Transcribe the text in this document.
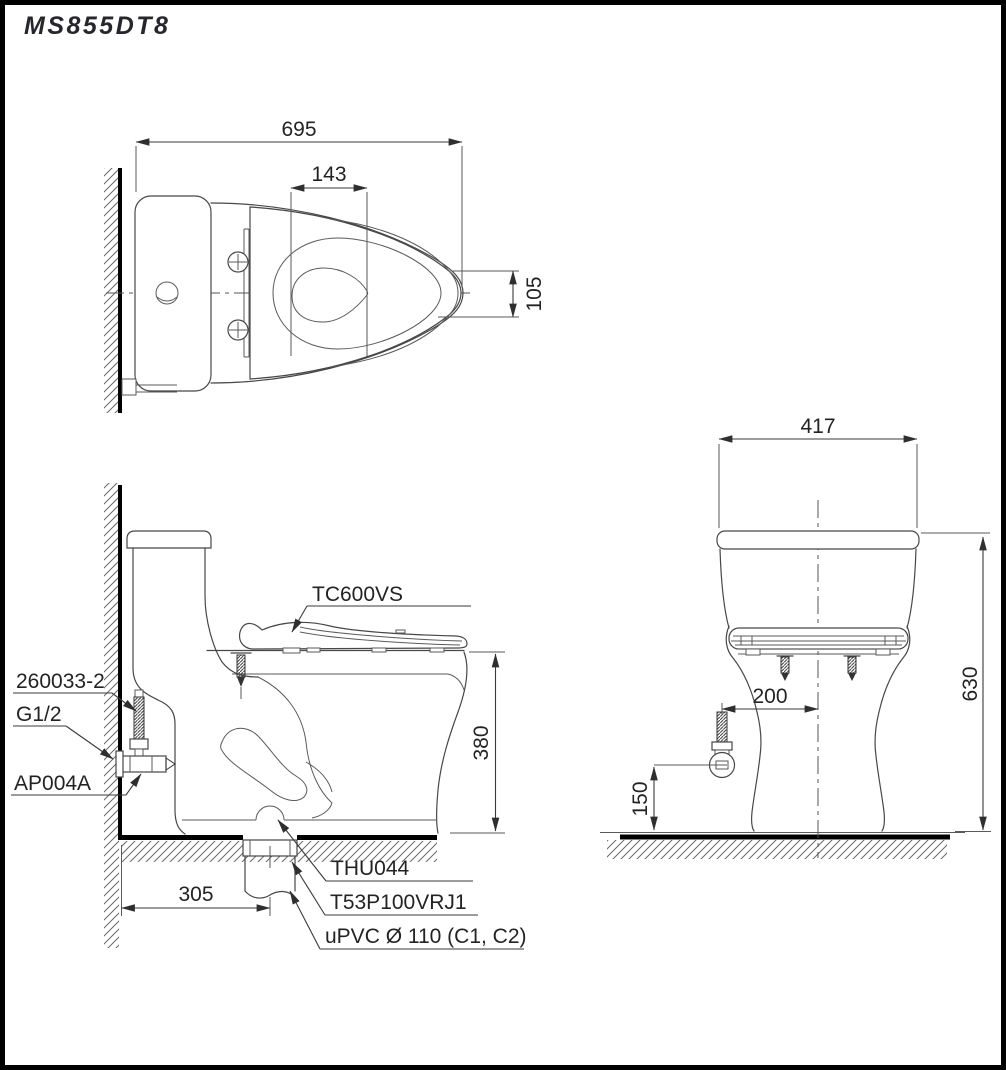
MS855DT8
695
143
105
TC600VS
260033-2
G1/2
AP004A
THU044
T53P100VRJ1
uPVC Ø 110 (C1, C2)
380
305
417
630
200
150
